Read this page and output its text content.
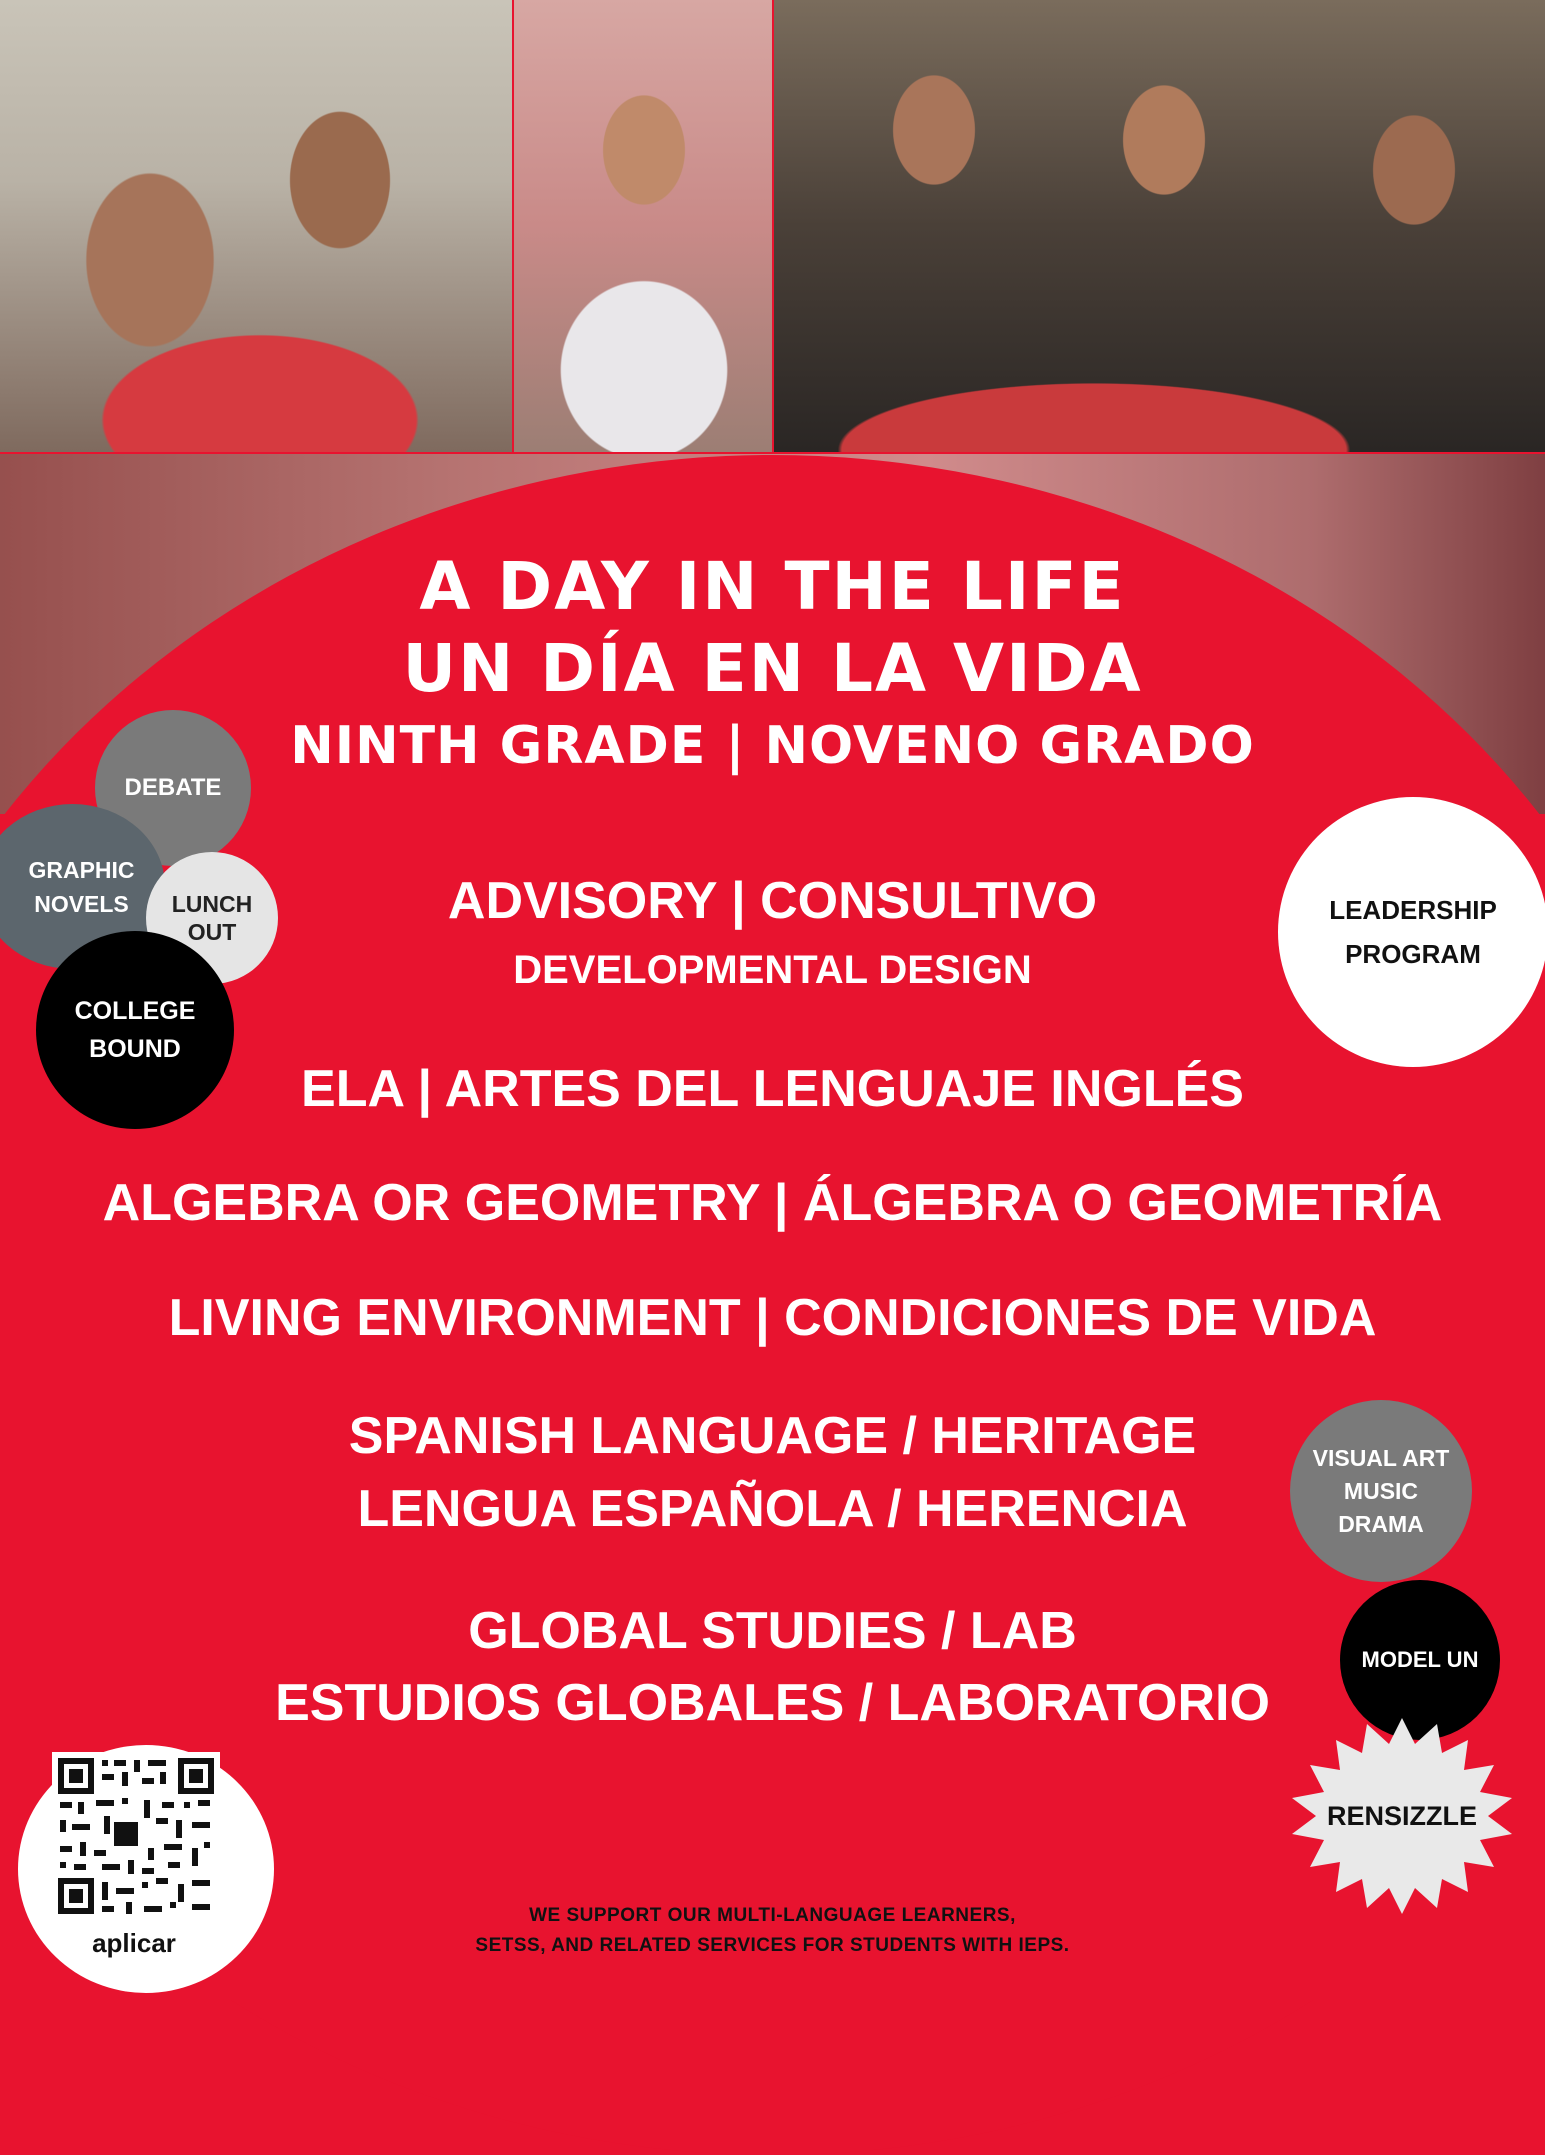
A DAY IN THE LIFE
UN DÍA EN LA VIDA
NINTH GRADE | NOVENO GRADO
ADVISORY | CONSULTIVO
DEVELOPMENTAL DESIGN
ELA | ARTES DEL LENGUAJE INGLÉS
ALGEBRA OR GEOMETRY | ÁLGEBRA O GEOMETRÍA
LIVING ENVIRONMENT | CONDICIONES DE VIDA
SPANISH LANGUAGE / HERITAGE
LENGUA ESPAÑOLA / HERENCIA
GLOBAL STUDIES / LAB
ESTUDIOS GLOBALES / LABORATORIO
DEBATE
GRAPHIC
NOVELS LUNCH
OUT
COLLEGE
BOUND
LEADERSHIP
PROGRAM
VISUAL ART
MUSIC
DRAMA
MODEL UN
RENSIZZLE
aplicar
WE SUPPORT OUR MULTI-LANGUAGE LEARNERS,
SETSS, AND RELATED SERVICES FOR STUDENTS WITH IEPS.
